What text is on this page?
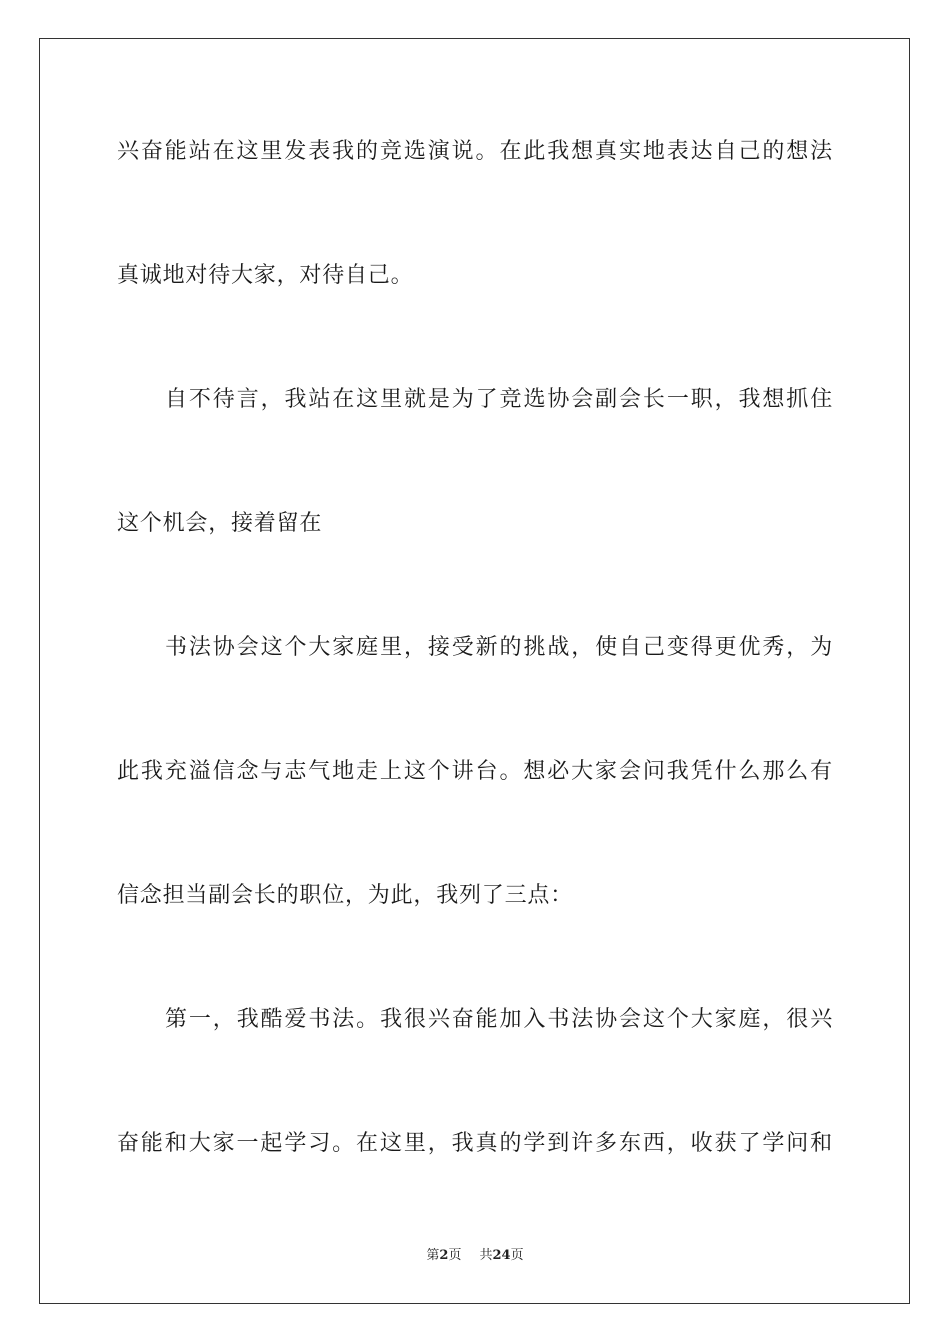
兴奋能站在这里发表我的竞选演说。在此我想真实地表达自己的想法
真诚地对待大家，对待自己。
自不待言，我站在这里就是为了竞选协会副会长一职，我想抓住
这个机会，接着留在
书法协会这个大家庭里，接受新的挑战，使自己变得更优秀，为
此我充溢信念与志气地走上这个讲台。想必大家会问我凭什么那么有
信念担当副会长的职位，为此，我列了三点：
第一，我酷爱书法。我很兴奋能加入书法协会这个大家庭，很兴
奋能和大家一起学习。在这里，我真的学到许多东西，收获了学问和
第2页 共24页
